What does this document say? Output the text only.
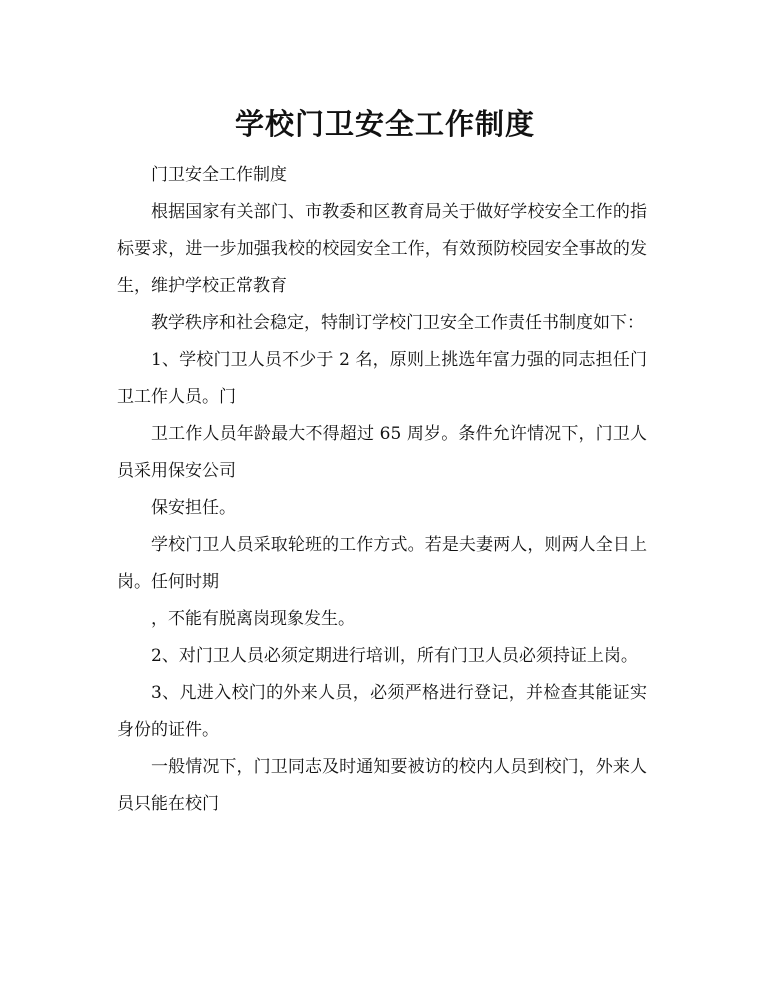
学校门卫安全工作制度

门卫安全工作制度

根据国家有关部门、市教委和区教育局关于做好学校安全工作的指标要求，进一步加强我校的校园安全工作，有效预防校园安全事故的发生，维护学校正常教育

教学秩序和社会稳定，特制订学校门卫安全工作责任书制度如下：

1、学校门卫人员不少于 2 名，原则上挑选年富力强的同志担任门卫工作人员。门

卫工作人员年龄最大不得超过 65 周岁。条件允许情况下，门卫人员采用保安公司

保安担任。

学校门卫人员采取轮班的工作方式。若是夫妻两人，则两人全日上岗。任何时期

，不能有脱离岗现象发生。

2、对门卫人员必须定期进行培训，所有门卫人员必须持证上岗。

3、凡进入校门的外来人员，必须严格进行登记，并检查其能证实身份的证件。

一般情况下，门卫同志及时通知要被访的校内人员到校门，外来人员只能在校门
